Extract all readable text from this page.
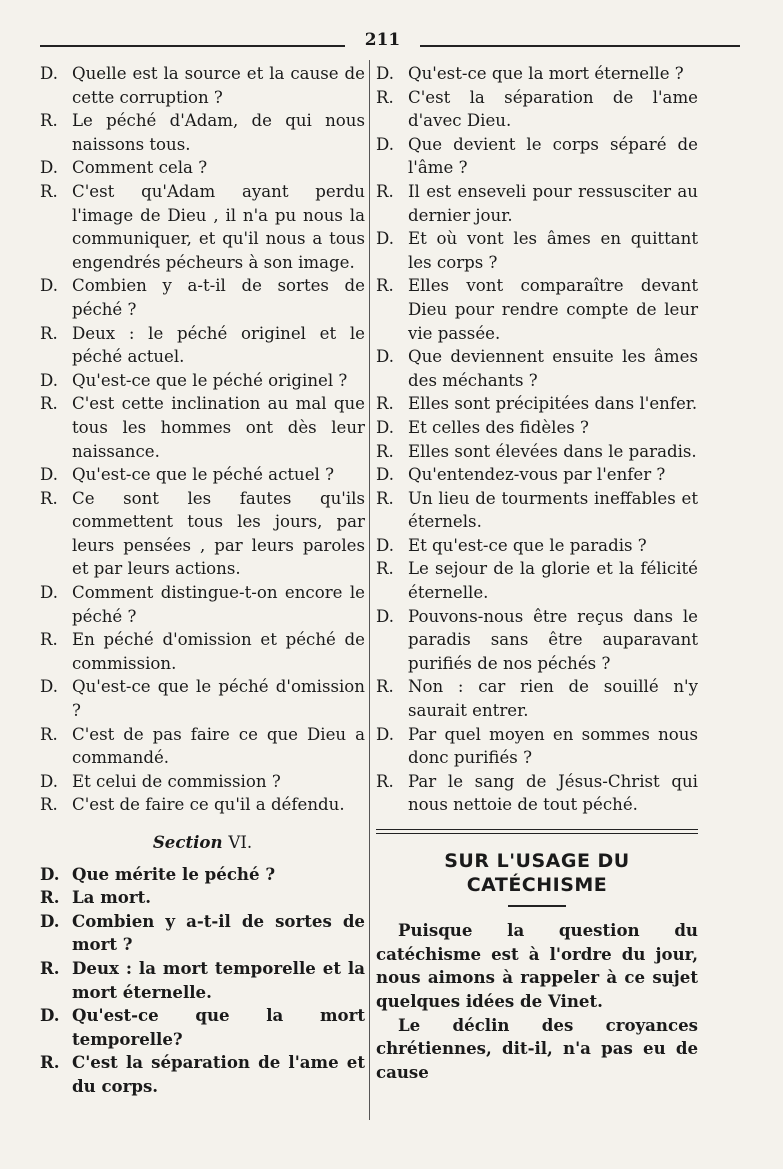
211
D. Quelle est la source et la cause de cette corruption ?
R. Le péché d'Adam, de qui nous naissons tous.
D. Comment cela ?
R. C'est qu'Adam ayant perdu l'image de Dieu , il n'a pu nous la communiquer, et qu'il nous a tous engendrés pécheurs à son image.
D. Combien y a-t-il de sortes de péché ?
R. Deux : le péché originel et le péché actuel.
D. Qu'est-ce que le péché originel ?
R. C'est cette inclination au mal que tous les hommes ont dès leur naissance.
D. Qu'est-ce que le péché actuel ?
R. Ce sont les fautes qu'ils commettent tous les jours, par leurs pensées , par leurs paroles et par leurs actions.
D. Comment distingue-t-on encore le péché ?
R. En péché d'omission et péché de commission.
D. Qu'est-ce que le péché d'omission ?
R. C'est de pas faire ce que Dieu a commandé.
D. Et celui de commission ?
R. C'est de faire ce qu'il a défendu.
Section VI.
D. Que mérite le péché ?
R. La mort.
D. Combien y a-t-il de sortes de mort ?
R. Deux : la mort temporelle et la mort éternelle.
D. Qu'est-ce que la mort temporelle?
R. C'est la séparation de l'ame et du corps.
D. Qu'est-ce que la mort éternelle ?
R. C'est la séparation de l'ame d'avec Dieu.
D. Que devient le corps séparé de l'âme ?
R. Il est enseveli pour ressusciter au dernier jour.
D. Et où vont les âmes en quittant les corps ?
R. Elles vont comparaître devant Dieu pour rendre compte de leur vie passée.
D. Que deviennent ensuite les âmes des méchants ?
R. Elles sont précipitées dans l'enfer.
D. Et celles des fidèles ?
R. Elles sont élevées dans le paradis.
D. Qu'entendez-vous par l'enfer ?
R. Un lieu de tourments ineffables et éternels.
D. Et qu'est-ce que le paradis ?
R. Le sejour de la glorie et la félicité éternelle.
D. Pouvons-nous être reçus dans le paradis sans être auparavant purifiés de nos péchés ?
R. Non : car rien de souillé n'y saurait entrer.
D. Par quel moyen en sommes nous donc purifiés ?
R. Par le sang de Jésus-Christ qui nous nettoie de tout péché.
SUR L'USAGE DU CATÉCHISME

Puisque la question du catéchisme est à l'ordre du jour, nous aimons à rappeler à ce sujet quelques idées de Vinet.

Le déclin des croyances chrétiennes, dit-il, n'a pas eu de cause
